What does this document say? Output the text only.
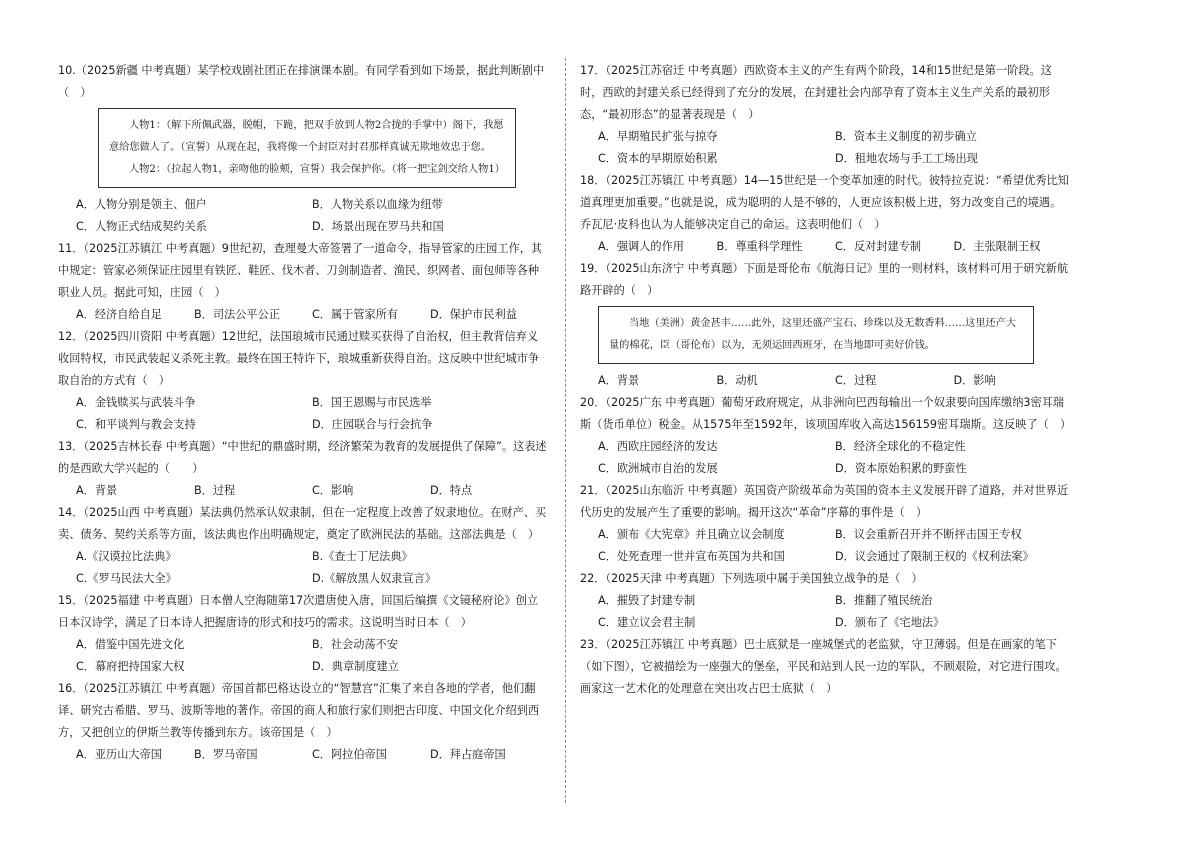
10.（2025新疆 中考真题）某学校戏剧社团正在排演课本剧。有同学看到如下场景，据此判断剧中（　）

人物1：（解下所佩武器，脱帽，下跪，把双手放到人物2合拢的手掌中）阁下，我愿意给您做人了。（宣誓）从现在起，我将像一个封臣对封君那样真诚无欺地效忠于您。

人物2：（拉起人物1，亲吻他的脸颊，宣誓）我会保护你。（将一把宝剑交给人物1）

A．人物分别是领主、佃户	B．人物关系以血缘为纽带
C．人物正式结成契约关系	D．场景出现在罗马共和国

11．（2025江苏镇江 中考真题）9世纪初，查理曼大帝签署了一道命令，指导管家的庄园工作，其中规定：管家必须保证庄园里有铁匠、鞋匠、伐木者、刀剑制造者、渔民、织网者、面包师等各种职业人员。据此可知，庄园（　）

A．经济自给自足	B．司法公平公正	C．属于管家所有	D．保护市民利益

12．（2025四川资阳 中考真题）12世纪，法国琅城市民通过赎买获得了自治权，但主教背信弃义收回特权，市民武装起义杀死主教。最终在国王特许下，琅城重新获得自治。这反映中世纪城市争取自治的方式有（　）

A．金钱赎买与武装斗争	B．国王恩赐与市民选举
C．和平谈判与教会支持	D．庄园联合与行会抗争

13．（2025吉林长春 中考真题）“中世纪的鼎盛时期，经济繁荣为教育的发展提供了保障”。这表述的是西欧大学兴起的（　　）

A．背景	B．过程	C．影响	D．特点

14．（2025山西 中考真题）某法典仍然承认奴隶制，但在一定程度上改善了奴隶地位。在财产、买卖、债务、契约关系等方面，该法典也作出明确规定，奠定了欧洲民法的基础。这部法典是（　）

A.《汉谟拉比法典》	B.《查士丁尼法典》
C.《罗马民法大全》	D.《解放黑人奴隶宣言》

15．（2025福建 中考真题）日本僧人空海随第17次遣唐使入唐，回国后编撰《文镜秘府论》创立日本汉诗学，满足了日本诗人把握唐诗的形式和技巧的需求。这说明当时日本（　）

A．借鉴中国先进文化	B．社会动荡不安
C．幕府把持国家大权	D．典章制度建立

16．（2025江苏镇江 中考真题）帝国首都巴格达设立的“智慧宫”汇集了来自各地的学者，他们翻译、研究古希腊、罗马、波斯等地的著作。帝国的商人和旅行家们则把古印度、中国文化介绍到西方，又把创立的伊斯兰教等传播到东方。该帝国是（　）

A．亚历山大帝国	B．罗马帝国	C．阿拉伯帝国	D．拜占庭帝国

17．（2025江苏宿迁 中考真题）西欧资本主义的产生有两个阶段，14和15世纪是第一阶段。这时，西欧的封建关系已经得到了充分的发展，在封建社会内部孕育了资本主义生产关系的最初形态，“最初形态”的显著表现是（　）

A．早期殖民扩张与掠夺	B．资本主义制度的初步确立
C．资本的早期原始积累	D．租地农场与手工工场出现

18．（2025江苏镇江 中考真题）14—15世纪是一个变革加速的时代。彼特拉克说：“希望优秀比知道真理更加重要。”也就是说，成为聪明的人是不够的，人更应该积极上进，努力改变自己的境遇。乔瓦尼·皮科也认为人能够决定自己的命运。这表明他们（　）

A．强调人的作用	B．尊重科学理性	C．反对封建专制	D．主张限制王权

19．（2025山东济宁 中考真题）下面是哥伦布《航海日记》里的一则材料，该材料可用于研究新航路开辟的（　）

当地（美洲）黄金甚丰……此外，这里还盛产宝石、珍珠以及无数香料……这里还产大量的棉花，臣（哥伦布）以为，无须运回西班牙，在当地即可卖好价钱。

A．背景	B．动机	C．过程	D．影响

20．（2025广东 中考真题）葡萄牙政府规定，从非洲向巴西每输出一个奴隶要向国库缴纳3密耳瑞斯（货币单位）税金。从1575年至1592年，该项国库收入高达156159密耳瑞斯。这反映了（　）

A．西欧庄园经济的发达	B．经济全球化的不稳定性
C．欧洲城市自治的发展	D．资本原始积累的野蛮性

21．（2025山东临沂 中考真题）英国资产阶级革命为英国的资本主义发展开辟了道路，并对世界近代历史的发展产生了重要的影响。揭开这次“革命”序幕的事件是（　）

A．颁布《大宪章》并且确立议会制度	B．议会重新召开并不断抨击国王专权
C．处死查理一世并宣布英国为共和国	D．议会通过了限制王权的《权利法案》

22．（2025天津 中考真题）下列选项中属于美国独立战争的是（　）

A．摧毁了封建专制	B．推翻了殖民统治
C．建立议会君主制	D．颁布了《宅地法》

23．（2025江苏镇江 中考真题）巴士底狱是一座城堡式的老监狱，守卫薄弱。但是在画家的笔下（如下图），它被描绘为一座强大的堡垒，平民和站到人民一边的军队，不顾艰险，对它进行围攻。画家这一艺术化的处理意在突出攻占巴士底狱（　）
